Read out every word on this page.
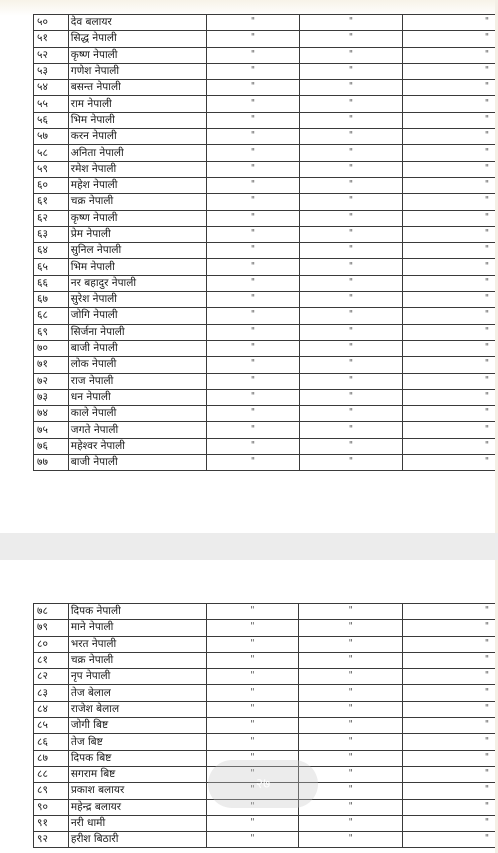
५०	देव बलायर	"	"	"
५१	सिद्ध नेपाली	"	"	"
५२	कृष्ण नेपाली	"	"	"
५३	गणेश नेपाली	"	"	"
५४	बसन्त नेपाली	"	"	"
५५	राम नेपाली	"	"	"
५६	भिम नेपाली	"	"	"
५७	करन नेपाली	"	"	"
५८	अनिता नेपाली	"	"	"
५९	रमेश नेपाली	"	"	"
६०	महेश नेपाली	"	"	"
६१	चक्र नेपाली	"	"	"
६२	कृष्ण नेपाली	"	"	"
६३	प्रेम नेपाली	"	"	"
६४	सुनिल नेपाली	"	"	"
६५	भिम नेपाली	"	"	"
६६	नर बहादुर नेपाली	"	"	"
६७	सुरेश नेपाली	"	"	"
६८	जोगि नेपाली	"	"	"
६९	सिर्जना नेपाली	"	"	"
७०	बाजी नेपाली	"	"	"
७१	लोक नेपाली	"	"	"
७२	राज नेपाली	"	"	"
७३	धन नेपाली	"	"	"
७४	काले नेपाली	"	"	"
७५	जगते नेपाली	"	"	"
७६	महेश्वर नेपाली	"	"	"
७७	बाजी नेपाली	"	"	"
७८	दिपक नेपाली	"	"	"
७९	माने नेपाली	"	"	"
८०	भरत नेपाली	"	"	"
८१	चक्र नेपाली	"	"	"
८२	नृप नेपाली	"	"	"
८३	तेज बेलाल	"	"	"
८४	राजेश बेलाल	"	"	"
८५	जोगी बिष्ट	"	"	"
८६	तेज बिष्ट	"	"	"
८७	दिपक बिष्ट	"	"	"
८८	सगराम बिष्ट	"	"	"
८९	प्रकाश बलायर	"	"	"
९०	महेन्द्र बलायर	"	"	"
९१	नरी धामी	"	"	"
९२	हरीश बिठारी	"	"	"
२७
